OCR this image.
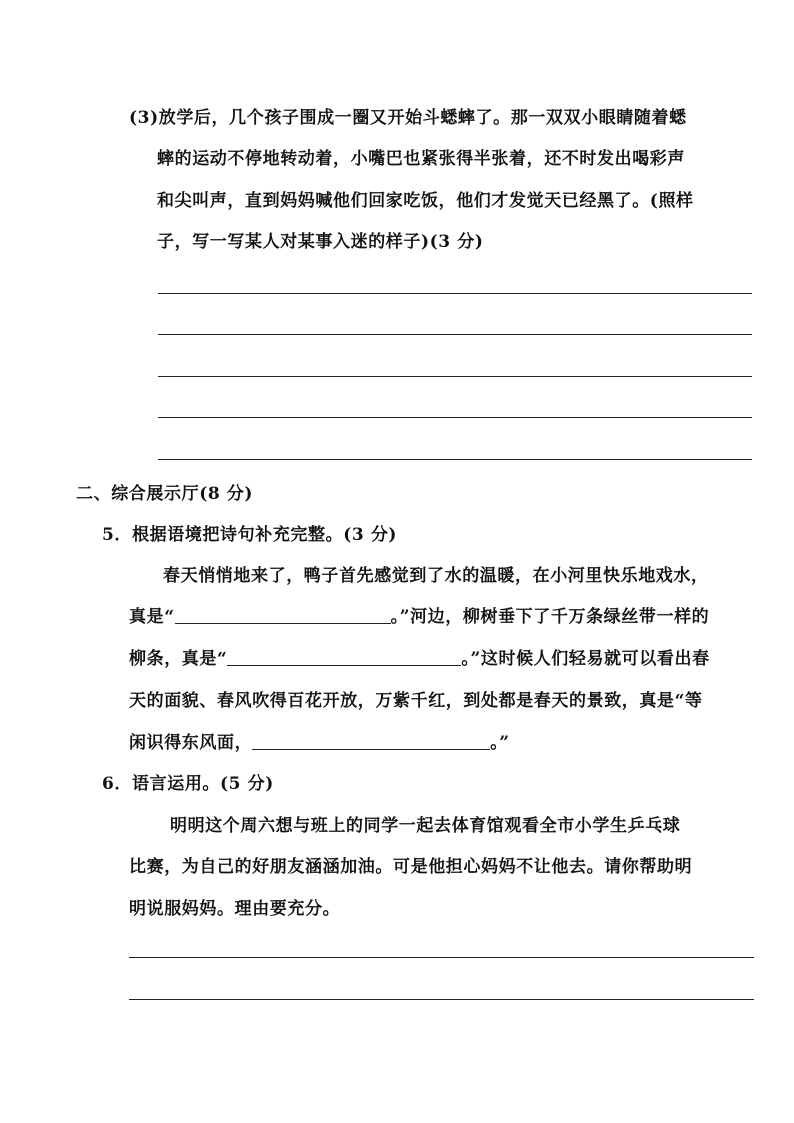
(3)放学后，几个孩子围成一圈又开始斗蟋蟀了。那一双双小眼睛随着蟋
蟀的运动不停地转动着，小嘴巴也紧张得半张着，还不时发出喝彩声
和尖叫声，直到妈妈喊他们回家吃饭，他们才发觉天已经黑了。(照样
子，写一写某人对某事入迷的样子)(3 分)
二、综合展示厅(8 分)
5．根据语境把诗句补充完整。(3 分)
春天悄悄地来了，鸭子首先感觉到了水的温暖，在小河里快乐地戏水，
真是“	。”河边，柳树垂下了千万条绿丝带一样的
柳条，真是“	。”这时候人们轻易就可以看出春
天的面貌、春风吹得百花开放，万紫千红，到处都是春天的景致，真是“等
闲识得东风面，	。”
6．语言运用。(5 分)
明明这个周六想与班上的同学一起去体育馆观看全市小学生乒乓球
比赛，为自己的好朋友涵涵加油。可是他担心妈妈不让他去。请你帮助明
明说服妈妈。理由要充分。
